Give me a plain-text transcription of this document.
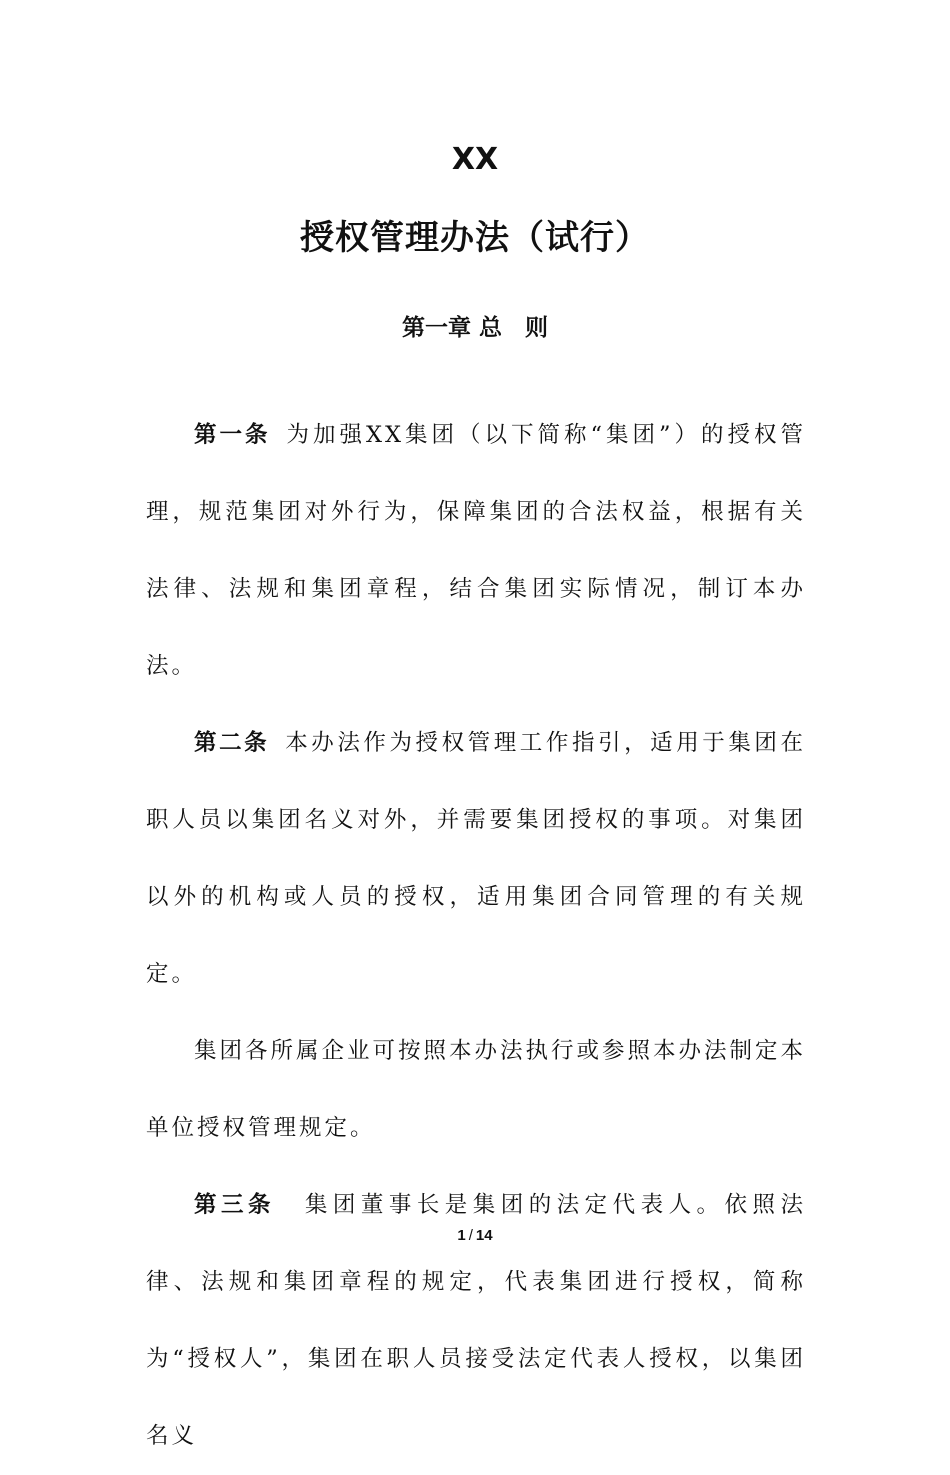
XX
授权管理办法（试行）
第一章 总　则

第一条 为加强XX集团（以下简称“集团”）的授权管理，规范集团对外行为，保障集团的合法权益，根据有关法律、法规和集团章程，结合集团实际情况，制订本办法。

第二条 本办法作为授权管理工作指引，适用于集团在职人员以集团名义对外，并需要集团授权的事项。对集团以外的机构或人员的授权，适用集团合同管理的有关规定。

集团各所属企业可按照本办法执行或参照本办法制定本单位授权管理规定。

第三条 集团董事长是集团的法定代表人。依照法律、法规和集团章程的规定，代表集团进行授权，简称为“授权人”，集团在职人员接受法定代表人授权，以集团名义

1 / 14
